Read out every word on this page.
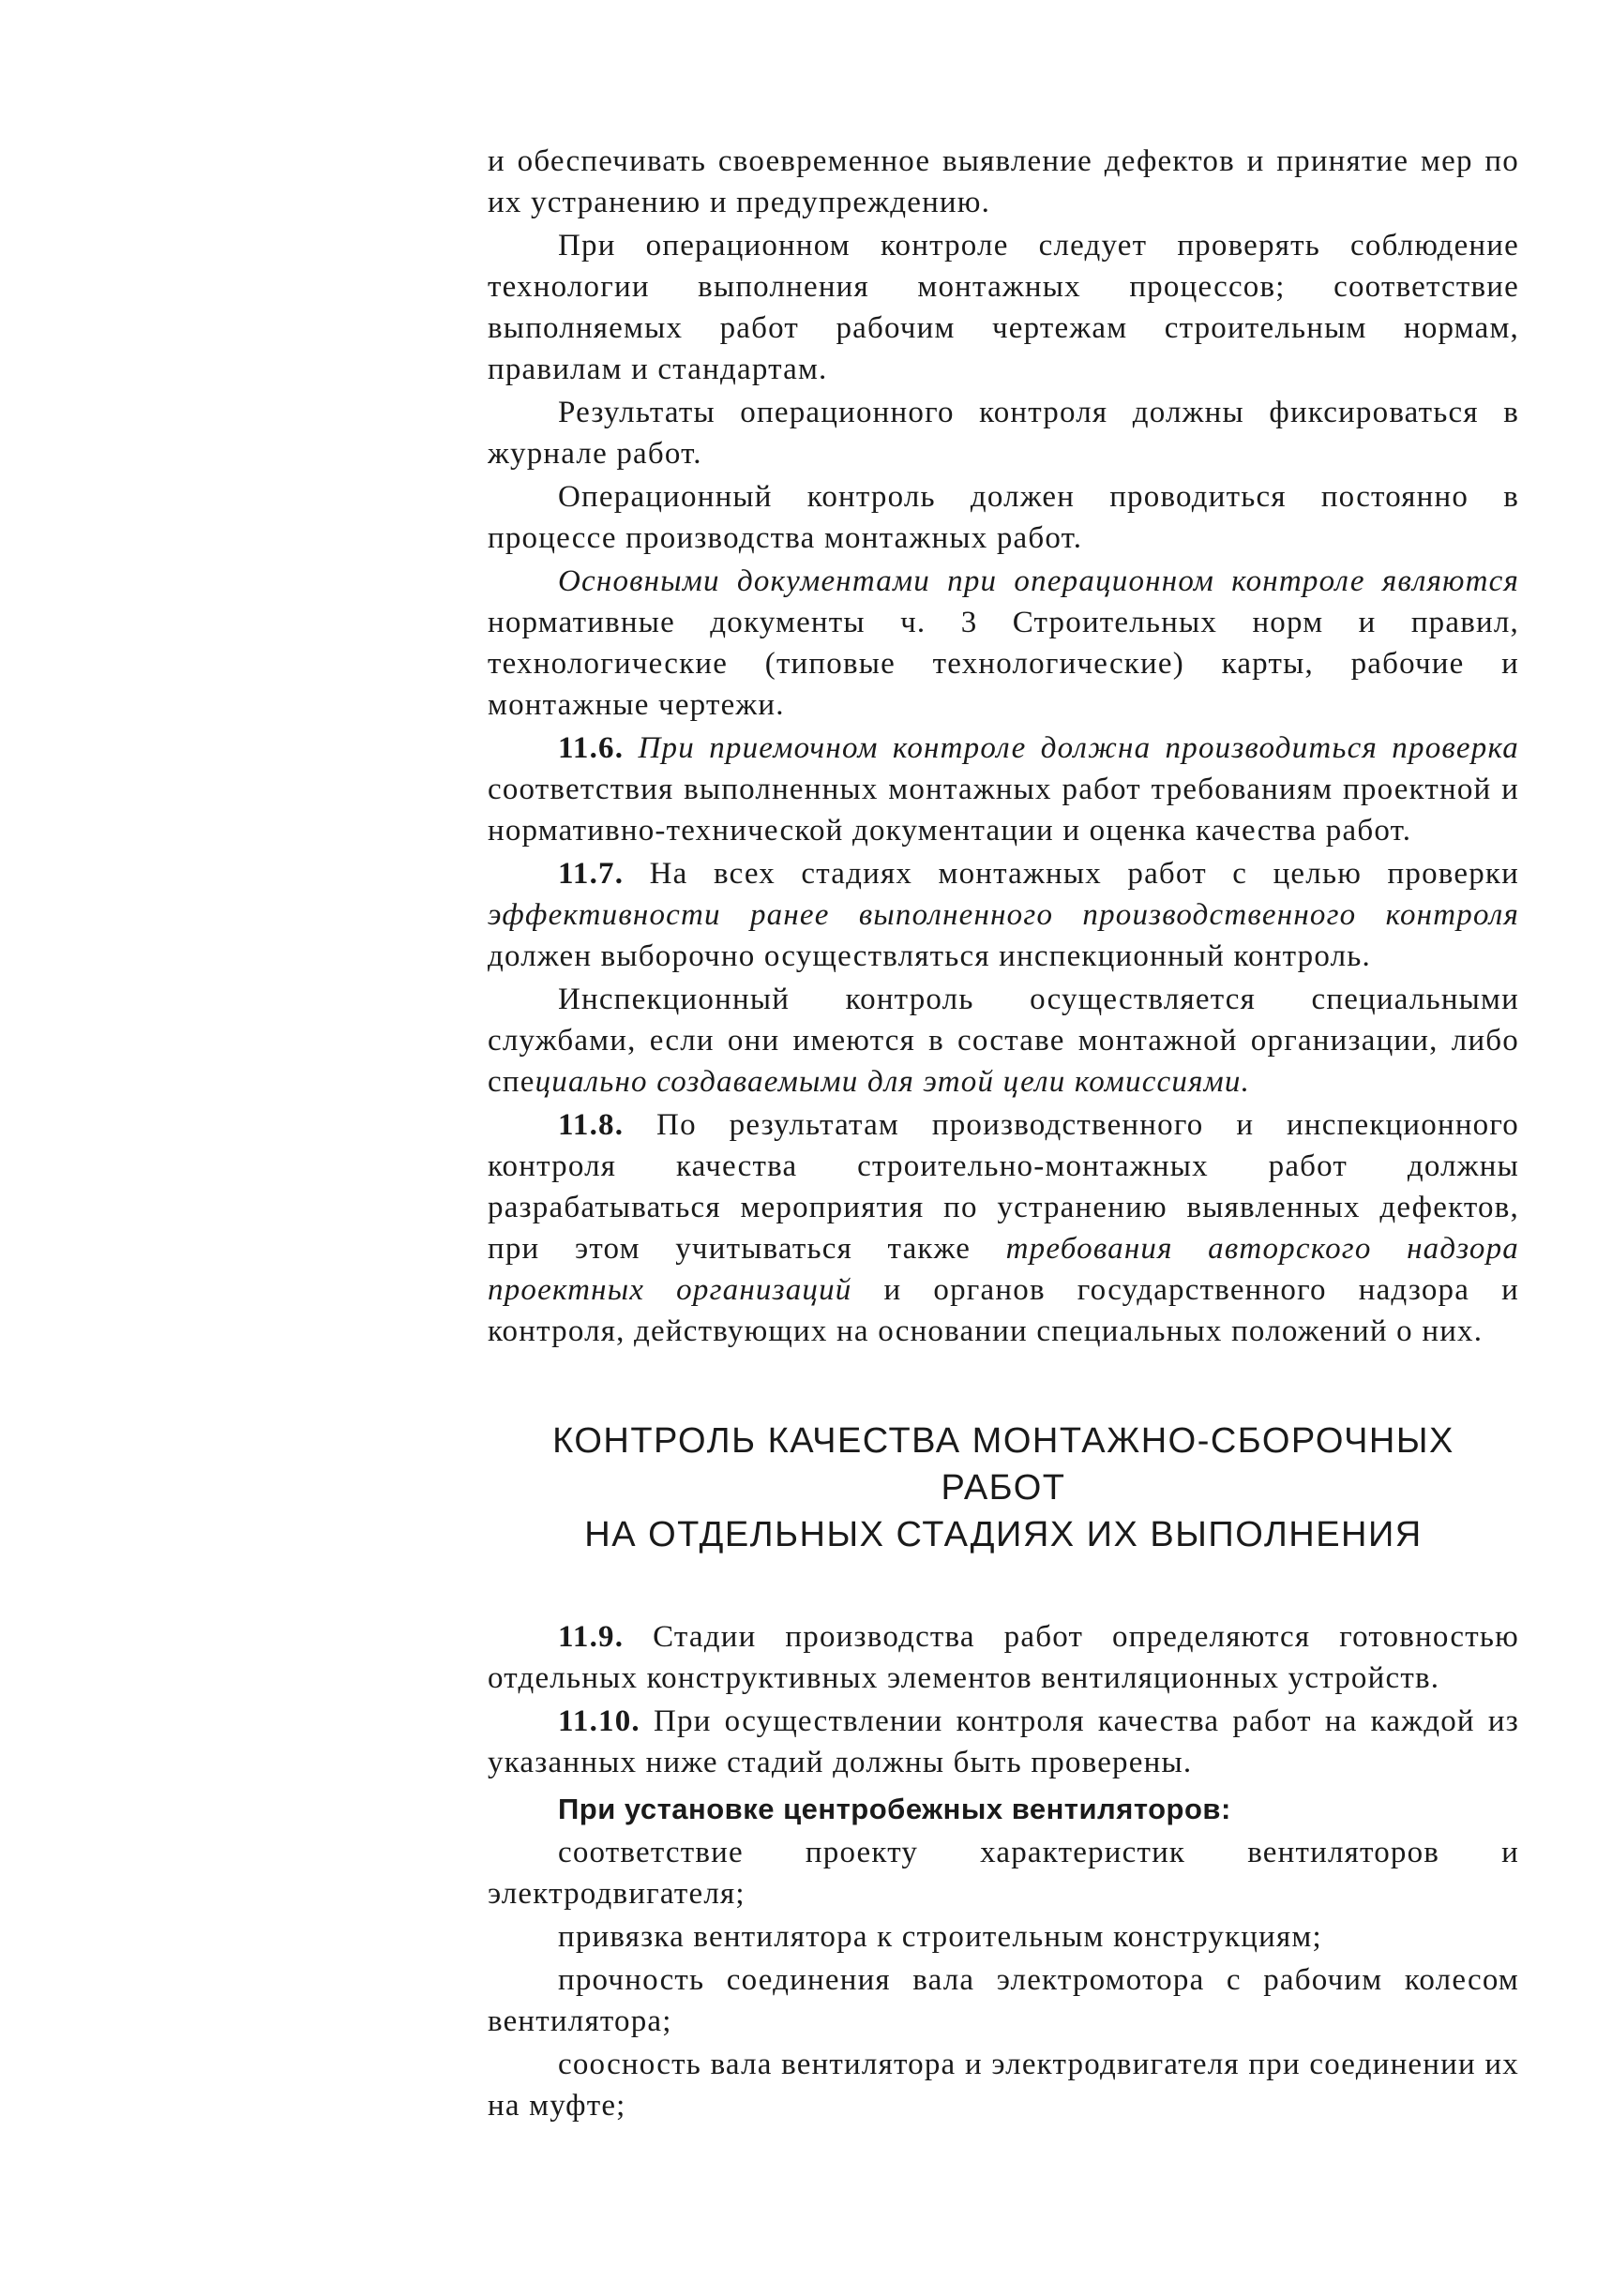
и обеспечивать своевременное выявление дефектов и принятие мер по их устранению и предупреждению.

При операционном контроле следует проверять соблюдение технологии выполнения монтажных процессов; соответствие выполняемых работ рабочим чертежам строительным нормам, правилам и стандартам.

Результаты операционного контроля должны фиксироваться в журнале работ.

Операционный контроль должен проводиться постоянно в процессе производства монтажных работ.

Основными документами при операционном контроле являются нормативные документы ч. 3 Строительных норм и правил, технологические (типовые технологические) карты, рабочие и монтажные чертежи.

11.6. При приемочном контроле должна производиться проверка соответствия выполненных монтажных работ требованиям проектной и нормативно-технической документации и оценка качества работ.

11.7. На всех стадиях монтажных работ с целью проверки эффективности ранее выполненного производственного контроля должен выборочно осуществляться инспекционный контроль.

Инспекционный контроль осуществляется специальными службами, если они имеются в составе монтажной организации, либо специально создаваемыми для этой цели комиссиями.

11.8. По результатам производственного и инспекционного контроля качества строительно-монтажных работ должны разрабатываться мероприятия по устранению выявленных дефектов, при этом учитываться также требования авторского надзора проектных организаций и органов государственного надзора и контроля, действующих на основании специальных положений о них.

КОНТРОЛЬ КАЧЕСТВА МОНТАЖНО-СБОРОЧНЫХ РАБОТ
НА ОТДЕЛЬНЫХ СТАДИЯХ ИХ ВЫПОЛНЕНИЯ

11.9. Стадии производства работ определяются готовностью отдельных конструктивных элементов вентиляционных устройств.

11.10. При осуществлении контроля качества работ на каждой из указанных ниже стадий должны быть проверены.

При установке центробежных вентиляторов:

соответствие проекту характеристик вентиляторов и электродвигателя;

привязка вентилятора к строительным конструкциям;

прочность соединения вала электромотора с рабочим колесом вентилятора;

соосность вала вентилятора и электродвигателя при соединении их на муфте;
